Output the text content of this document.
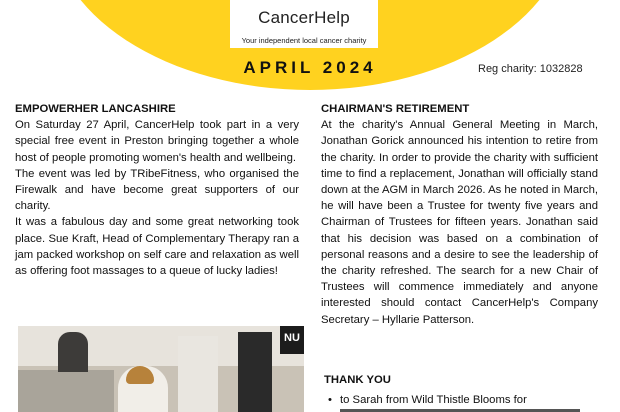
CancerHelp
Your independent local cancer charity
APRIL 2024	Reg charity: 1032828
EMPOWERHER LANCASHIRE

On Saturday 27 April, CancerHelp took part in a very special free event in Preston bringing together a whole host of people promoting women's health and wellbeing.

The event was led by TRibeFitness, who organised the Firewalk and have become great supporters of our charity.

It was a fabulous day and some great networking took place. Sue Kraft, Head of Complementary Therapy ran a jam packed workshop on self care and relaxation as well as offering foot massages to a queue of lucky ladies!

NU
CHAIRMAN'S RETIREMENT

At the charity's Annual General Meeting in March, Jonathan Gorick announced his intention to retire from the charity. In order to provide the charity with sufficient time to find a replacement, Jonathan will officially stand down at the AGM in March 2026. As he noted in March, he will have been a Trustee for twenty five years and Chairman of Trustees for fifteen years. Jonathan said that his decision was based on a combination of personal reasons and a desire to see the leadership of the charity refreshed. The search for a new Chair of Trustees will commence immediately and anyone interested should contact CancerHelp's Company Secretary – Hyllarie Patterson.

THANK YOU
• to Sarah from Wild Thistle Blooms for
